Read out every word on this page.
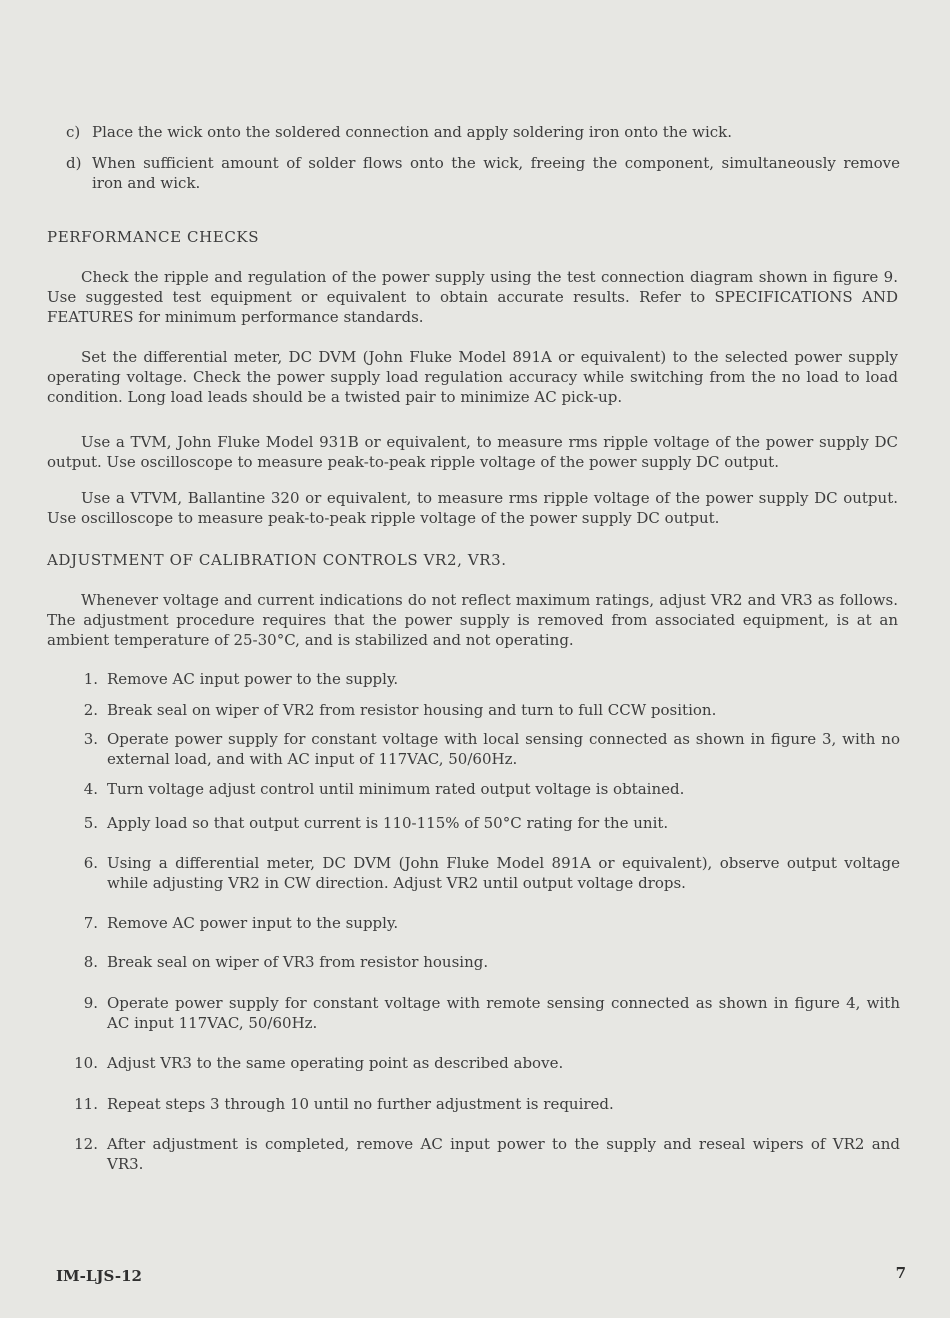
c) Place the wick onto the soldered connection and apply soldering iron onto the wick.
d) When sufficient amount of solder flows onto the wick, freeing the component, simultaneously remove iron and wick.
PERFORMANCE CHECKS
Check the ripple and regulation of the power supply using the test connection diagram shown in figure 9. Use suggested test equipment or equivalent to obtain accurate results. Refer to SPECIFICATIONS AND FEATURES for minimum performance standards.
Set the differential meter, DC DVM (John Fluke Model 891A or equivalent) to the selected power supply operating voltage. Check the power supply load regulation accuracy while switching from the no load to load condition. Long load leads should be a twisted pair to minimize AC pick-up.
Use a TVM, John Fluke Model 931B or equivalent, to measure rms ripple voltage of the power supply DC output. Use oscilloscope to measure peak-to-peak ripple voltage of the power supply DC output.
Use a VTVM, Ballantine 320 or equivalent, to measure rms ripple voltage of the power supply DC output. Use oscilloscope to measure peak-to-peak ripple voltage of the power supply DC output.
ADJUSTMENT OF CALIBRATION CONTROLS VR2, VR3.
Whenever voltage and current indications do not reflect maximum ratings, adjust VR2 and VR3 as follows. The adjustment procedure requires that the power supply is removed from associated equipment, is at an ambient temperature of 25-30°C, and is stabilized and not operating.
1. Remove AC input power to the supply.
2. Break seal on wiper of VR2 from resistor housing and turn to full CCW position.
3. Operate power supply for constant voltage with local sensing connected as shown in figure 3, with no external load, and with AC input of 117VAC, 50/60Hz.
4. Turn voltage adjust control until minimum rated output voltage is obtained.
5. Apply load so that output current is 110-115% of 50°C rating for the unit.
6. Using a differential meter, DC DVM (John Fluke Model 891A or equivalent), observe output voltage while adjusting VR2 in CW direction. Adjust VR2 until output voltage drops.
7. Remove AC power input to the supply.
8. Break seal on wiper of VR3 from resistor housing.
9. Operate power supply for constant voltage with remote sensing connected as shown in figure 4, with AC input 117VAC, 50/60Hz.
10. Adjust VR3 to the same operating point as described above.
11. Repeat steps 3 through 10 until no further adjustment is required.
12. After adjustment is completed, remove AC input power to the supply and reseal wipers of VR2 and VR3.
IM-LJS-12	7
